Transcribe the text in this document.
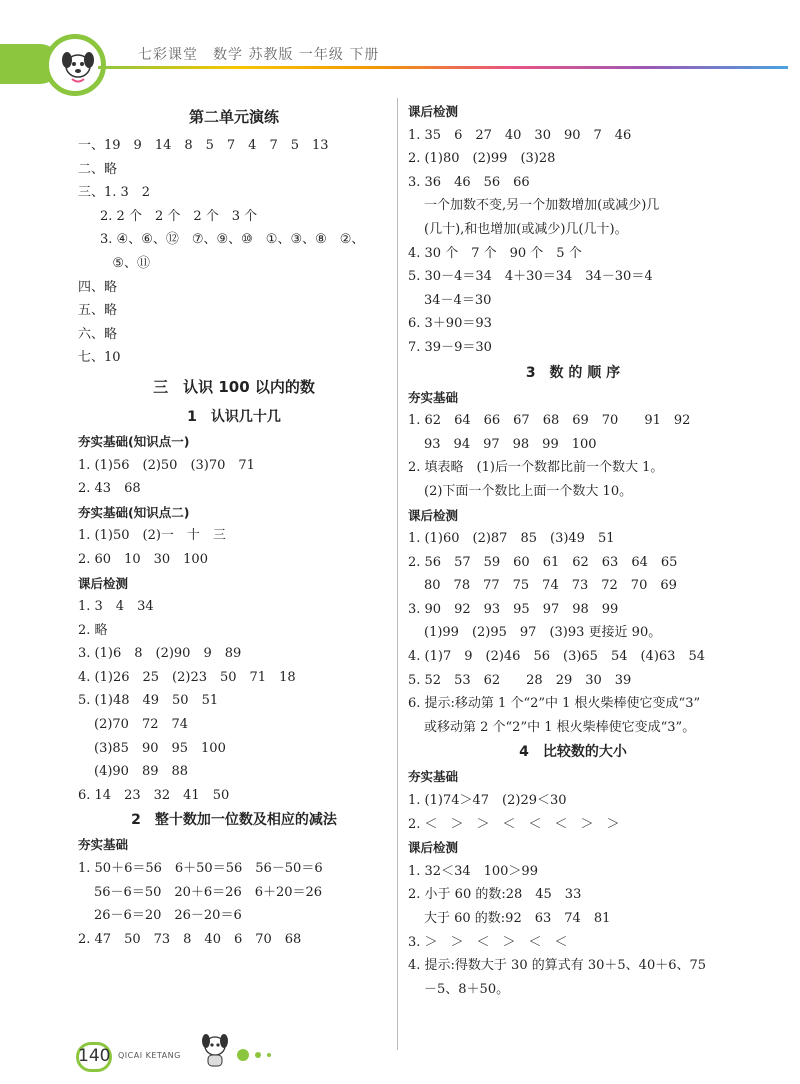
七彩课堂　数学 苏教版 一年级 下册
第二单元演练
一、19　9　14　8　5　7　4　7　5　13
二、略
三、1. 3　2
2. 2 个　2 个　2 个　3 个
3. ④、⑥、⑫　⑦、⑨、⑩　①、③、⑧　②、
⑤、⑪
四、略
五、略
六、略
七、10
三　认识 100 以内的数
1　认识几十几
夯实基础(知识点一)
1. (1)56　(2)50　(3)70　71
2. 43　68
夯实基础(知识点二)
1. (1)50　(2)一　十　三
2. 60　10　30　100
课后检测
1. 3　4　34
2. 略
3. (1)6　8　(2)90　9　89
4. (1)26　25　(2)23　50　71　18
5. (1)48　49　50　51
(2)70　72　74
(3)85　90　95　100
(4)90　89　88
6. 14　23　32　41　50
2　整十数加一位数及相应的减法
夯实基础
1. 50＋6＝56　6＋50＝56　56－50＝6
56－6＝50　20＋6＝26　6＋20＝26
26－6＝20　26－20＝6
2. 47　50　73　8　40　6　70　68
课后检测
1. 35　6　27　40　30　90　7　46
2. (1)80　(2)99　(3)28
3. 36　46　56　66
一个加数不变,另一个加数增加(或减少)几
(几十),和也增加(或减少)几(几十)。
4. 30 个　7 个　90 个　5 个
5. 30－4＝34　4＋30＝34　34－30＝4
34－4＝30
6. 3＋90＝93
7. 39－9＝30
3　数 的 顺 序
夯实基础
1. 62　64　66　67　68　69　70　　91　92
93　94　97　98　99　100
2. 填表略　(1)后一个数都比前一个数大 1。
(2)下面一个数比上面一个数大 10。
课后检测
1. (1)60　(2)87　85　(3)49　51
2. 56　57　59　60　61　62　63　64　65
80　78　77　75　74　73　72　70　69
3. 90　92　93　95　97　98　99
(1)99　(2)95　97　(3)93 更接近 90。
4. (1)7　9　(2)46　56　(3)65　54　(4)63　54
5. 52　53　62　　28　29　30　39
6. 提示:移动第 1 个“2”中 1 根火柴棒使它变成“3”
或移动第 2 个“2”中 1 根火柴棒使它变成“3”。
4　比较数的大小
夯实基础
1. (1)74＞47　(2)29＜30
2. ＜　＞　＞　＜　＜　＜　＞　＞
课后检测
1. 32＜34　100＞99
2. 小于 60 的数:28　45　33
大于 60 的数:92　63　74　81
3. ＞　＞　＜　＞　＜　＜
4. 提示:得数大于 30 的算式有 30＋5、40＋6、75
－5、8＋50。
140 QICAI KETANG
